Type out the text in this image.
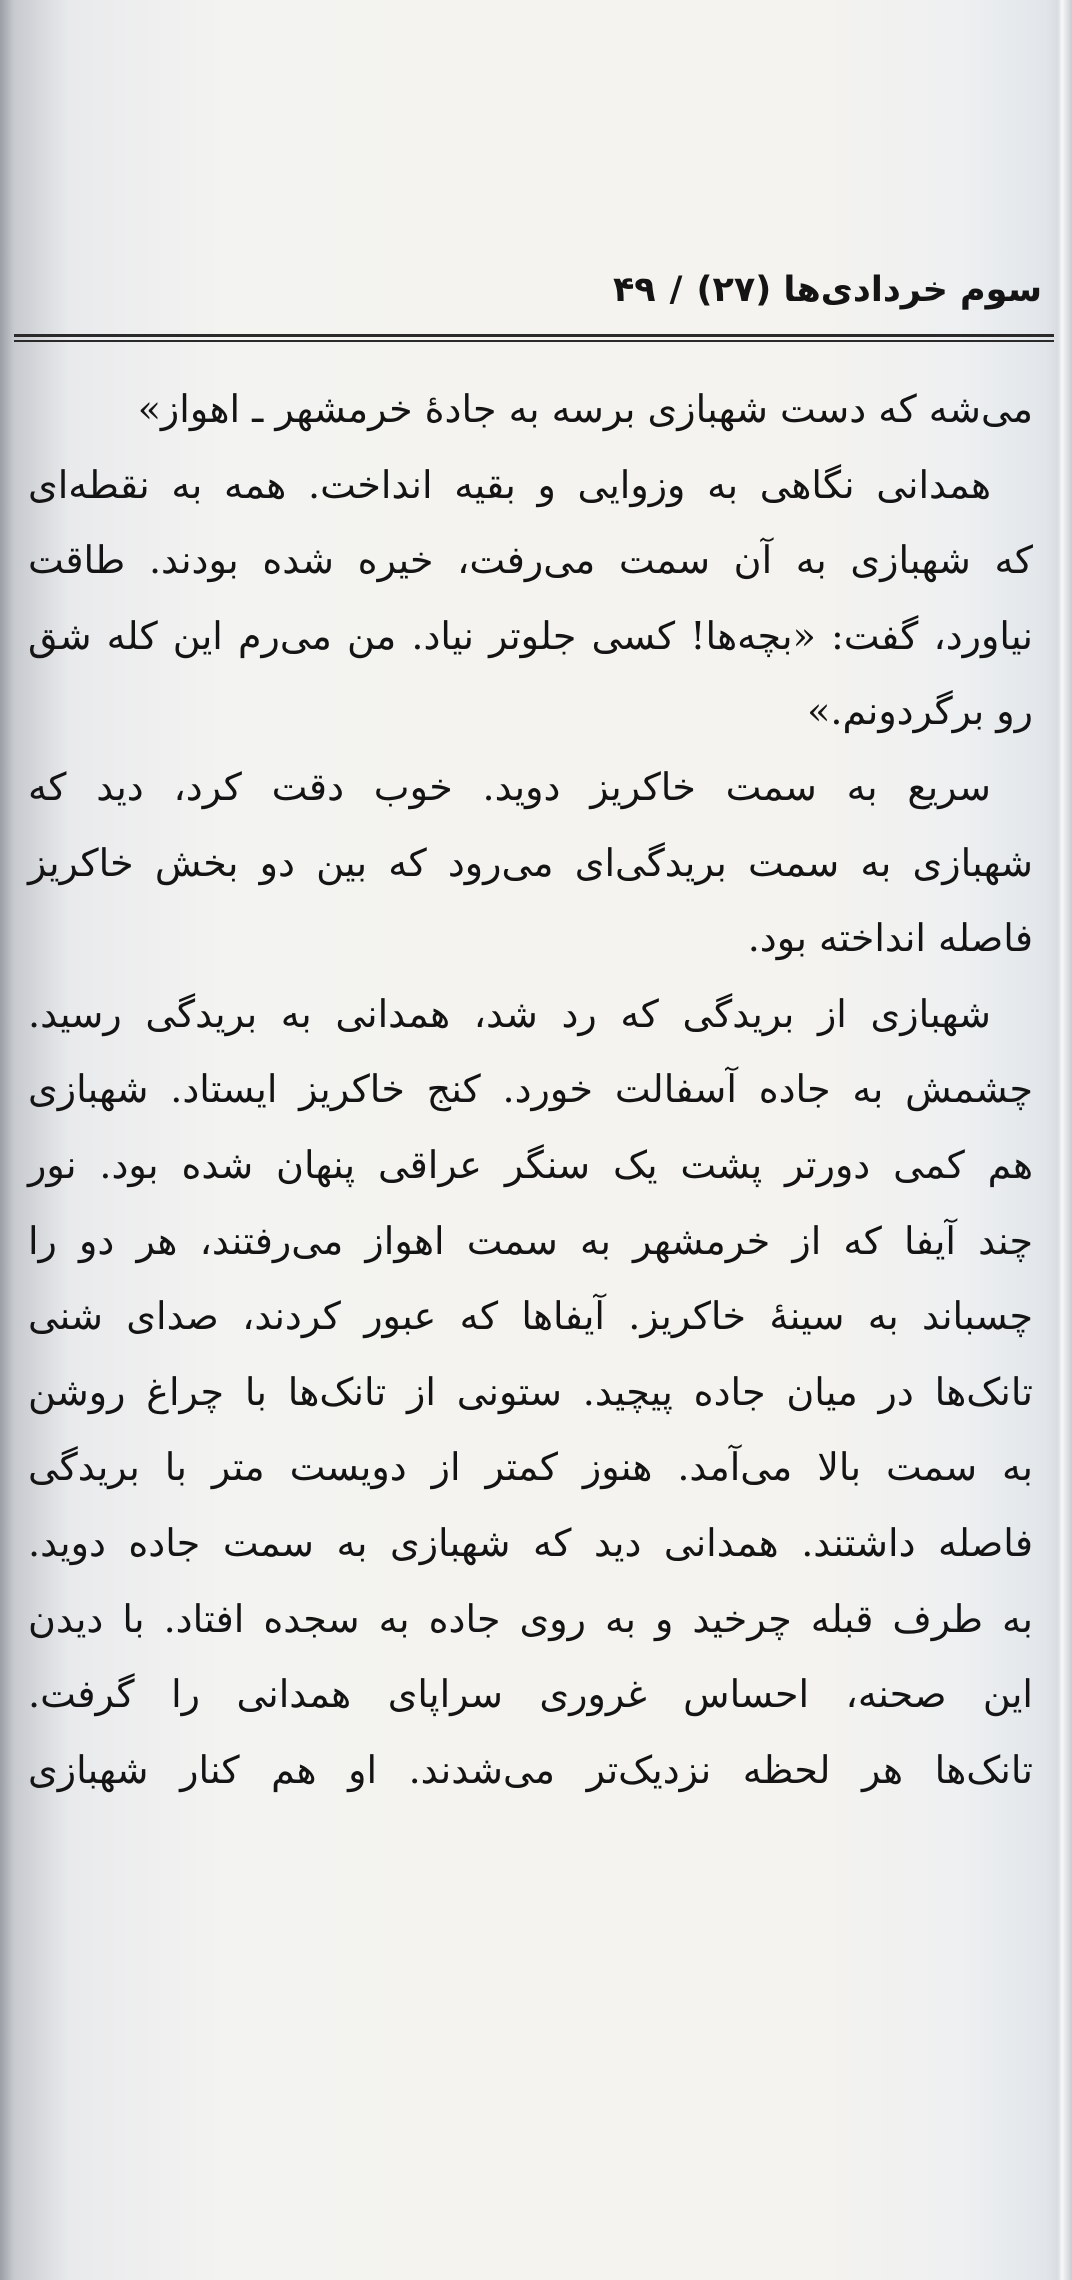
سوم خردادی‌ها (۲۷)
/
۴۹
می‌شه که دست شهبازی برسه به جادهٔ خرمشهر ـ اهواز»
همدانی نگاهی به وزوایی و بقیه انداخت. همه به نقطه‌ای
که شهبازی به آن سمت می‌رفت، خیره شده بودند. طاقت
نیاورد، گفت: «بچه‌ها! کسی جلوتر نیاد. من می‌رم این کله شق
رو برگردونم.»
سریع به سمت خاکریز دوید. خوب دقت کرد، دید که
شهبازی به سمت بریدگی‌ای می‌رود که بین دو بخش خاکریز
فاصله انداخته بود.
شهبازی از بریدگی که رد شد، همدانی به بریدگی رسید.
چشمش به جاده آسفالت خورد. کنج خاکریز ایستاد. شهبازی
هم کمی دورتر پشت یک سنگر عراقی پنهان شده بود. نور
چند آیفا که از خرمشهر به سمت اهواز می‌رفتند، هر دو را
چسباند به سینهٔ خاکریز. آیفاها که عبور کردند، صدای شنی
تانک‌ها در میان جاده پیچید. ستونی از تانک‌ها با چراغ روشن
به سمت بالا می‌آمد. هنوز کمتر از دویست متر با بریدگی
فاصله داشتند. همدانی دید که شهبازی به سمت جاده دوید.
به طرف قبله چرخید و به روی جاده به سجده افتاد. با دیدن
این صحنه، احساس غروری سراپای همدانی را گرفت.
تانک‌ها هر لحظه نزدیک‌تر می‌شدند. او هم کنار شهبازی
